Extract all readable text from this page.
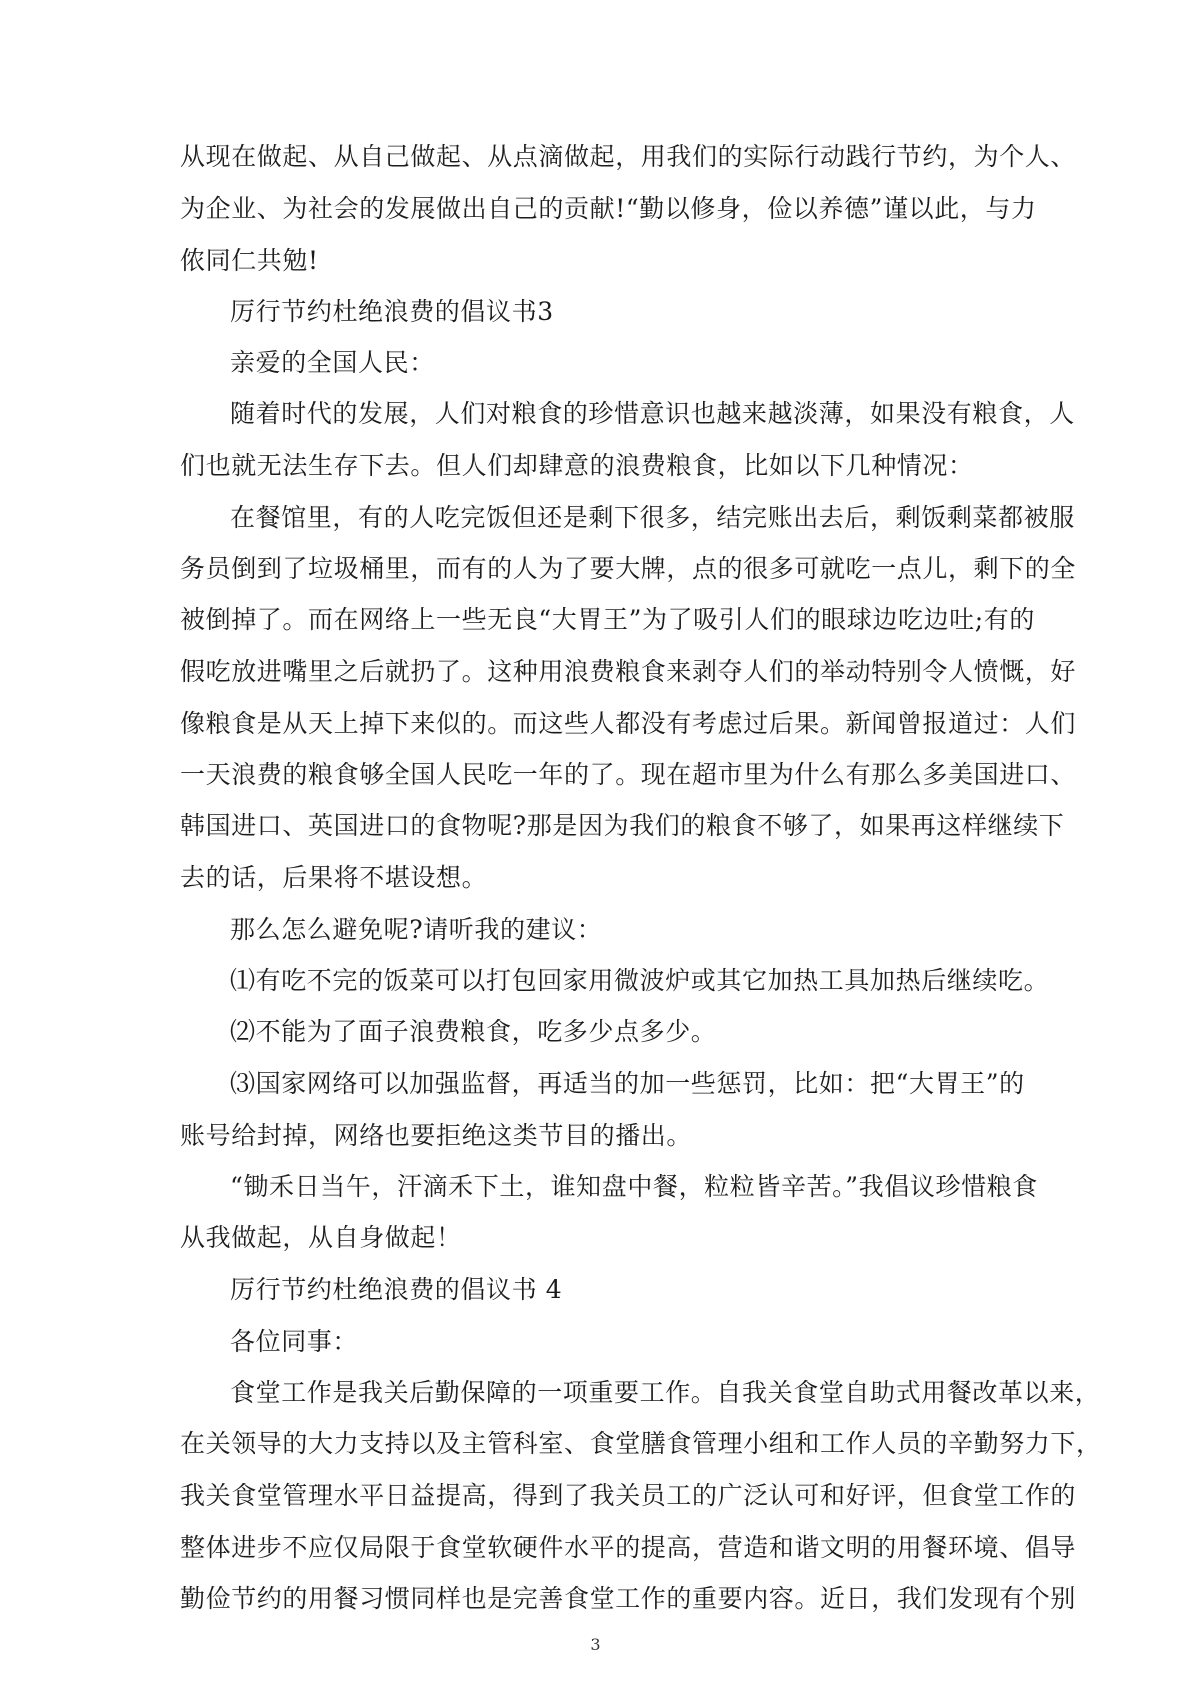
从现在做起、从自己做起、从点滴做起，用我们的实际行动践行节约，为个人、
为企业、为社会的发展做出自己的贡献!“勤以修身，俭以养德”谨以此，与力
侬同仁共勉!
厉行节约杜绝浪费的倡议书3
亲爱的全国人民：
随着时代的发展，人们对粮食的珍惜意识也越来越淡薄，如果没有粮食，人
们也就无法生存下去。但人们却肆意的浪费粮食，比如以下几种情况：
在餐馆里，有的人吃完饭但还是剩下很多，结完账出去后，剩饭剩菜都被服
务员倒到了垃圾桶里，而有的人为了要大牌，点的很多可就吃一点儿，剩下的全
被倒掉了。而在网络上一些无良“大胃王”为了吸引人们的眼球边吃边吐;有的
假吃放进嘴里之后就扔了。这种用浪费粮食来剥夺人们的举动特别令人愤慨，好
像粮食是从天上掉下来似的。而这些人都没有考虑过后果。新闻曾报道过：人们
一天浪费的粮食够全国人民吃一年的了。现在超市里为什么有那么多美国进口、
韩国进口、英国进口的食物呢?那是因为我们的粮食不够了，如果再这样继续下
去的话，后果将不堪设想。
那么怎么避免呢?请听我的建议：
⑴有吃不完的饭菜可以打包回家用微波炉或其它加热工具加热后继续吃。
⑵不能为了面子浪费粮食，吃多少点多少。
⑶国家网络可以加强监督，再适当的加一些惩罚，比如：把“大胃王”的
账号给封掉，网络也要拒绝这类节目的播出。
“锄禾日当午，汗滴禾下土，谁知盘中餐，粒粒皆辛苦。”我倡议珍惜粮食
从我做起，从自身做起！
厉行节约杜绝浪费的倡议书 4
各位同事：
食堂工作是我关后勤保障的一项重要工作。自我关食堂自助式用餐改革以来，
在关领导的大力支持以及主管科室、食堂膳食管理小组和工作人员的辛勤努力下，
我关食堂管理水平日益提高，得到了我关员工的广泛认可和好评，但食堂工作的
整体进步不应仅局限于食堂软硬件水平的提高，营造和谐文明的用餐环境、倡导
勤俭节约的用餐习惯同样也是完善食堂工作的重要内容。近日，我们发现有个别
3
